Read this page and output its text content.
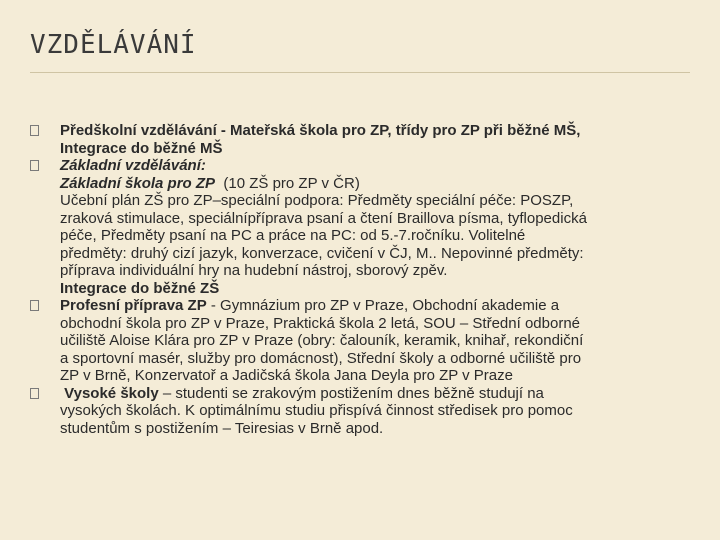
VZDĚLÁVÁNÍ
Předškolní vzdělávání - Mateřská škola pro ZP, třídy pro ZP při běžné MŠ,
Integrace do běžné MŠ
Základní vzdělávání:
Základní škola pro ZP (10 ZŠ pro ZP v ČR)
Učební plán ZŠ pro ZP–speciální podpora: Předměty speciální péče: POSZP,
zraková stimulace, speciálnípříprava psaní a čtení Braillova písma, tyflopedická
péče, Předměty psaní na PC a práce na PC: od 5.-7.ročníku. Volitelné
předměty: druhý cizí jazyk, konverzace, cvičení v ČJ, M.. Nepovinné předměty:
příprava individuální hry na hudební nástroj, sborový zpěv.
Integrace do běžné ZŠ
Profesní příprava ZP - Gymnázium pro ZP v Praze, Obchodní akademie a
obchodní škola pro ZP v Praze, Praktická škola 2 letá, SOU – Střední odborné
učiliště Aloise Klára pro ZP v Praze (obry: čalouník, keramik, knihař, rekondiční
a sportovní masér, služby pro domácnost), Střední školy a odborné učiliště pro
ZP v Brně, Konzervatoř a Jadičská škola Jana Deyla pro ZP v Praze
Vysoké školy – studenti se zrakovým postižením dnes běžně studují na
vysokých školách. K optimálnímu studiu přispívá činnost středisek pro pomoc
studentům s postižením – Teiresias v Brně apod.
